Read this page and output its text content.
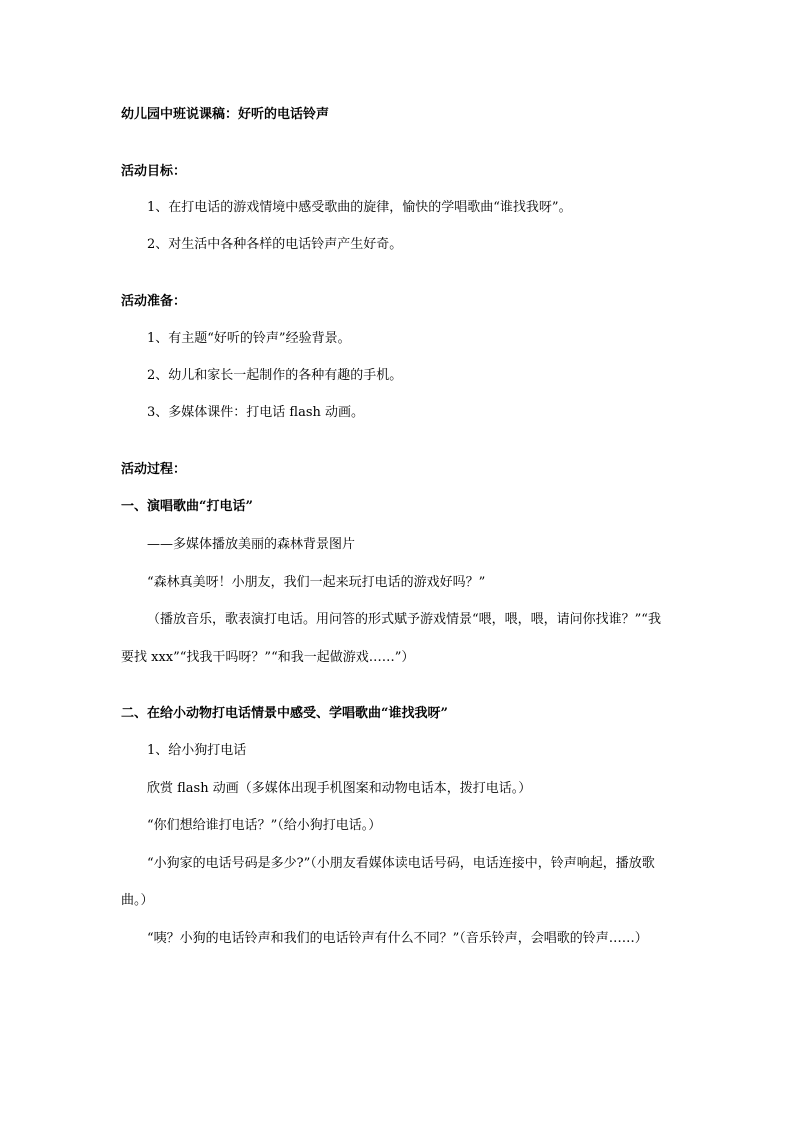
幼儿园中班说课稿：好听的电话铃声
活动目标：
1、在打电话的游戏情境中感受歌曲的旋律，愉快的学唱歌曲“谁找我呀”。
2、对生活中各种各样的电话铃声产生好奇。
活动准备：
1、有主题“好听的铃声”经验背景。
2、幼儿和家长一起制作的各种有趣的手机。
3、多媒体课件：打电话 flash 动画。
活动过程：
一、演唱歌曲“打电话”
——多媒体播放美丽的森林背景图片
“森林真美呀！小朋友，我们一起来玩打电话的游戏好吗？”
（播放音乐，歌表演打电话。用问答的形式赋予游戏情景“喂，喂，喂，请问你找谁？”“我
要找 xxx”“找我干吗呀？”“和我一起做游戏……”）
二、在给小动物打电话情景中感受、学唱歌曲“谁找我呀”
1、给小狗打电话
欣赏 flash 动画（多媒体出现手机图案和动物电话本，拨打电话。）
“你们想给谁打电话？”（给小狗打电话。）
“小狗家的电话号码是多少?”（小朋友看媒体读电话号码，电话连接中，铃声响起，播放歌
曲。）
“咦？小狗的电话铃声和我们的电话铃声有什么不同？”（音乐铃声，会唱歌的铃声……）
